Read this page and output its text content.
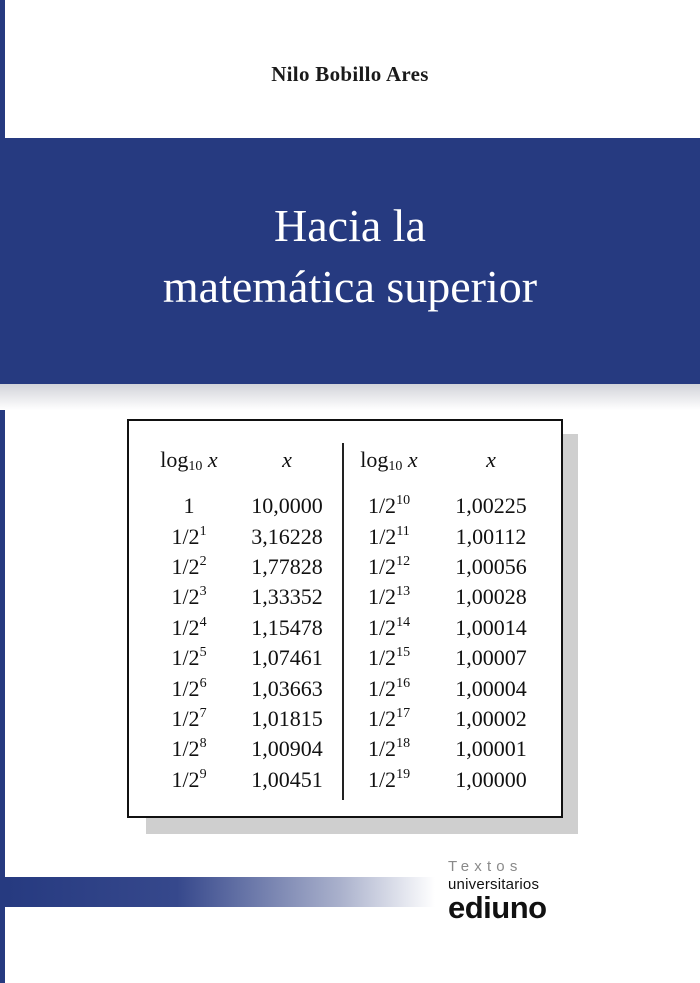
Nilo Bobillo Ares
Hacia la
matemática superior
$\log_{10} x$	x	$\log_{10} x$	x

1	10,0000	$1/2^{10}$	1,00225
$1/2^1$	3,16228	$1/2^{11}$	1,00112
$1/2^2$	1,77828	$1/2^{12}$	1,00056
$1/2^3$	1,33352	$1/2^{13}$	1,00028
$1/2^4$	1,15478	$1/2^{14}$	1,00014
$1/2^5$	1,07461	$1/2^{15}$	1,00007
$1/2^6$	1,03663	$1/2^{16}$	1,00004
$1/2^7$	1,01815	$1/2^{17}$	1,00002
$1/2^8$	1,00904	$1/2^{18}$	1,00001
$1/2^9$	1,00451	$1/2^{19}$	1,00000
Textos
universitarios
ediuno
